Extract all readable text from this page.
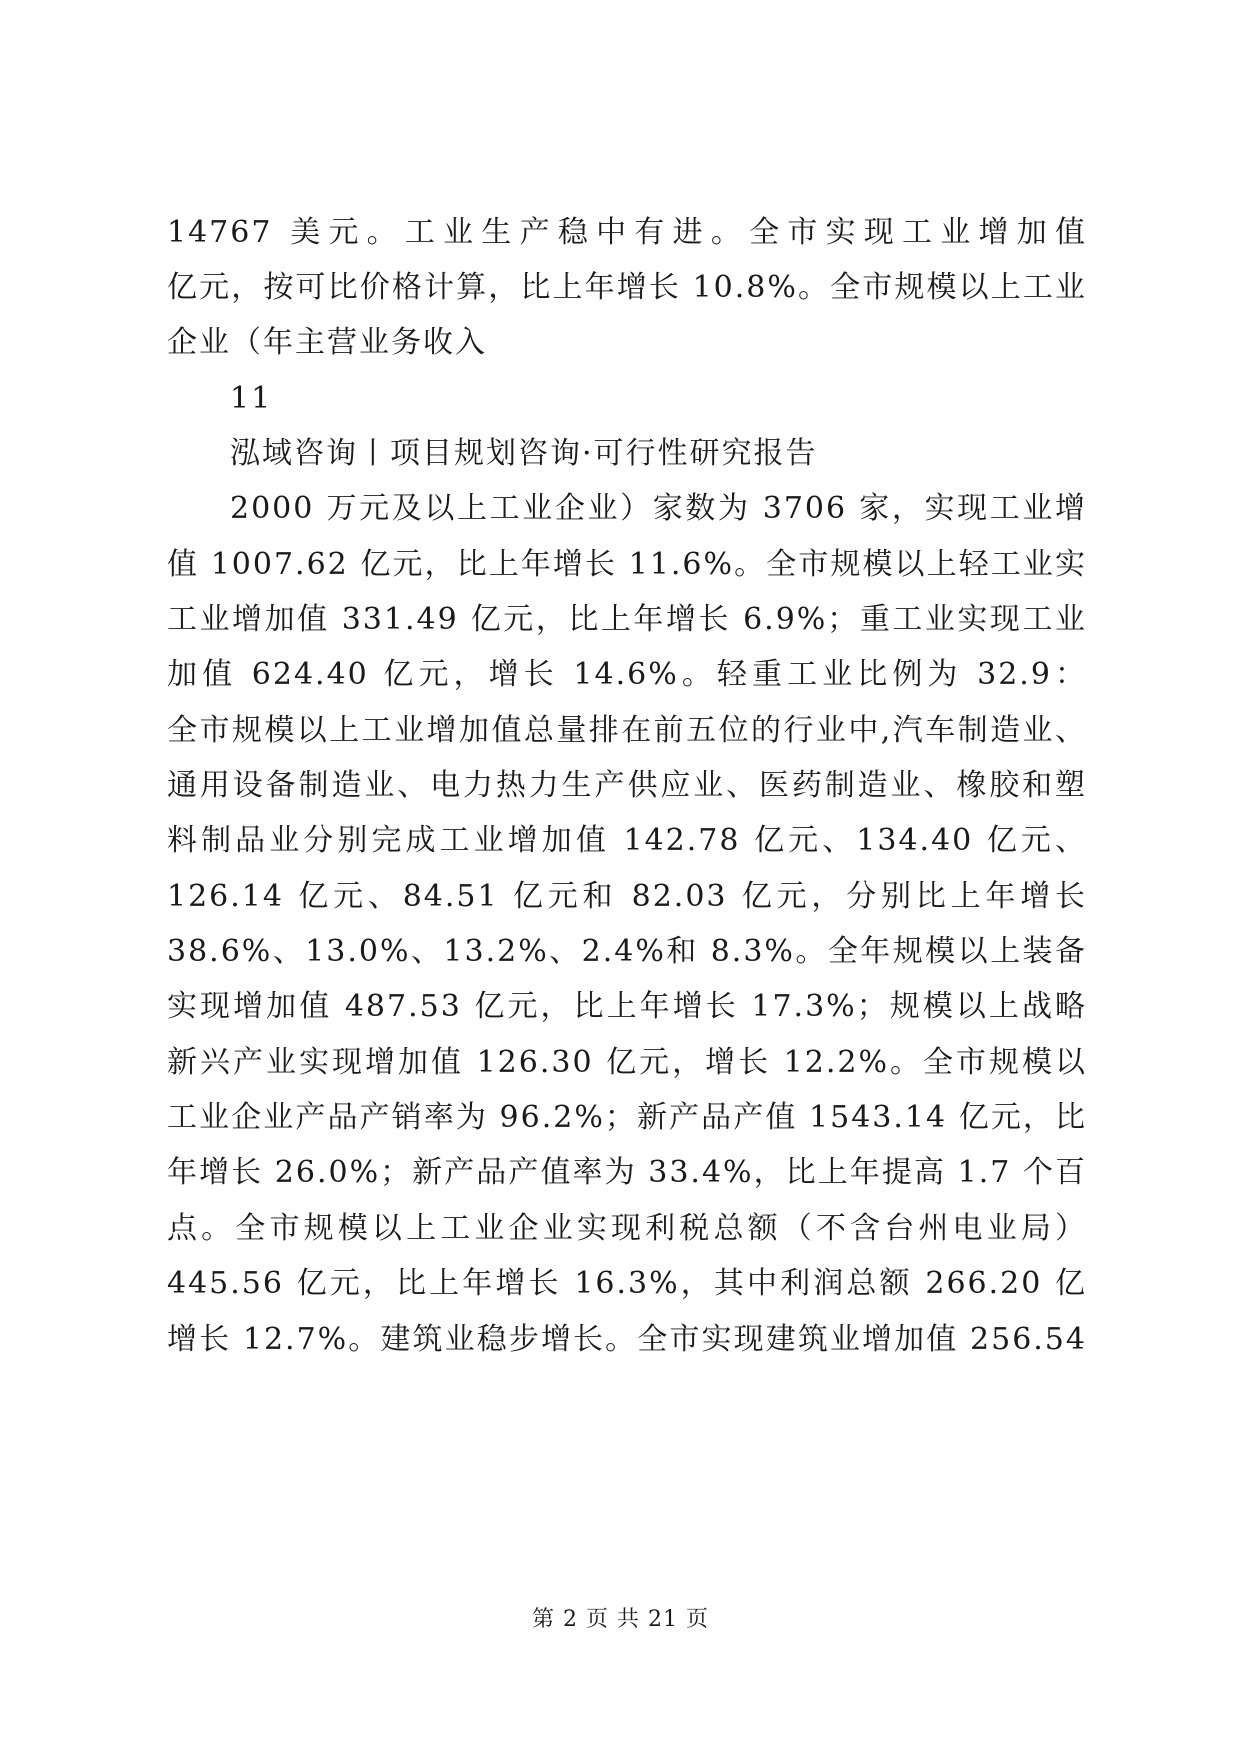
14767 美元。工业生产稳中有进。全市实现工业增加值
亿元，按可比价格计算，比上年增长 10.8%。全市规模以上工业
企业（年主营业务收入
11
泓域咨询丨项目规划咨询·可行性研究报告
2000 万元及以上工业企业）家数为 3706 家，实现工业增
值 1007.62 亿元，比上年增长 11.6%。全市规模以上轻工业实
工业增加值 331.49 亿元，比上年增长 6.9%；重工业实现工业
加值 624.40 亿元，增长 14.6%。轻重工业比例为 32.9：
全市规模以上工业增加值总量排在前五位的行业中,汽车制造业、
通用设备制造业、电力热力生产供应业、医药制造业、橡胶和塑
料制品业分别完成工业增加值 142.78 亿元、134.40 亿元、
126.14 亿元、84.51 亿元和 82.03 亿元，分别比上年增长
38.6%、13.0%、13.2%、2.4%和 8.3%。全年规模以上装备
实现增加值 487.53 亿元，比上年增长 17.3%；规模以上战略
新兴产业实现增加值 126.30 亿元，增长 12.2%。全市规模以
工业企业产品产销率为 96.2%；新产品产值 1543.14 亿元，比
年增长 26.0%；新产品产值率为 33.4%，比上年提高 1.7 个百
点。全市规模以上工业企业实现利税总额（不含台州电业局）
445.56 亿元，比上年增长 16.3%，其中利润总额 266.20 亿
增长 12.7%。建筑业稳步增长。全市实现建筑业增加值 256.54
第 2 页 共 21 页
